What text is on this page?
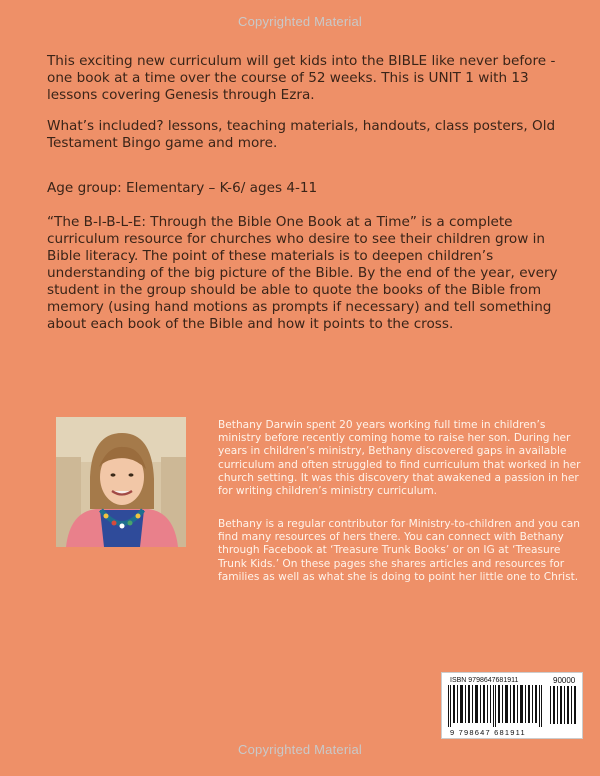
Copyrighted Material
This exciting new curriculum will get kids into the BIBLE like never before - one book at a time over the course of 52 weeks. This is UNIT 1 with 13 lessons covering Genesis through Ezra.
What’s included? lessons, teaching materials, handouts, class posters, Old Testament Bingo game and more.
Age group: Elementary – K-6/ ages 4-11
“The B-I-B-L-E: Through the Bible One Book at a Time” is a complete curriculum resource for churches who desire to see their children grow in Bible literacy. The point of these materials is to deepen children’s understanding of the big picture of the Bible. By the end of the year, every student in the group should be able to quote the books of the Bible from memory (using hand motions as prompts if necessary) and tell something about each book of the Bible and how it points to the cross.
Bethany Darwin spent 20 years working full time in children’s ministry before recently coming home to raise her son. During her years in children’s ministry, Bethany discovered gaps in available curriculum and often struggled to find curriculum that worked in her church setting. It was this discovery that awakened a passion in her for writing children’s ministry curriculum.
Bethany is a regular contributor for Ministry-to-children and you can find many resources of hers there. You can connect with Bethany through Facebook at ‘Treasure Trunk Books’ or on IG at ‘Treasure Trunk Kids.’ On these pages she shares articles and resources for families as well as what she is doing to point her little one to Christ.
ISBN 9798647681911	90000
9 798647 681911
Copyrighted Material
